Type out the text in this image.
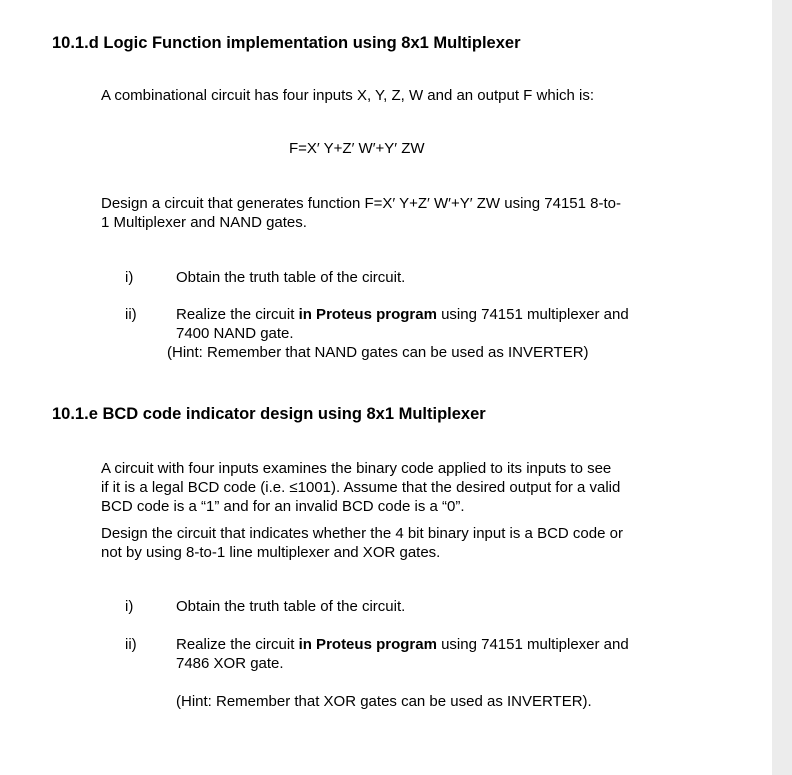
10.1.d Logic Function implementation using 8x1 Multiplexer
A combinational circuit has four inputs X, Y, Z, W and an output F which is:
F=X′ Y+Z′ W′+Y′ ZW
Design a circuit that generates function F=X′ Y+Z′ W′+Y′ ZW using 74151 8-to-
1 Multiplexer and NAND gates.
i)	Obtain the truth table of the circuit.
ii)	Realize the circuit in Proteus program using 74151 multiplexer and
7400 NAND gate.
(Hint: Remember that NAND gates can be used as INVERTER)
10.1.e BCD code indicator design using 8x1 Multiplexer
A circuit with four inputs examines the binary code applied to its inputs to see
if it is a legal BCD code (i.e. ≤1001). Assume that the desired output for a valid
BCD code is a “1” and for an invalid BCD code is a “0”.
Design the circuit that indicates whether the 4 bit binary input is a BCD code or
not by using 8-to-1 line multiplexer and XOR gates.
i)	Obtain the truth table of the circuit.
ii)	Realize the circuit in Proteus program using 74151 multiplexer and
7486 XOR gate.
(Hint: Remember that XOR gates can be used as INVERTER).
